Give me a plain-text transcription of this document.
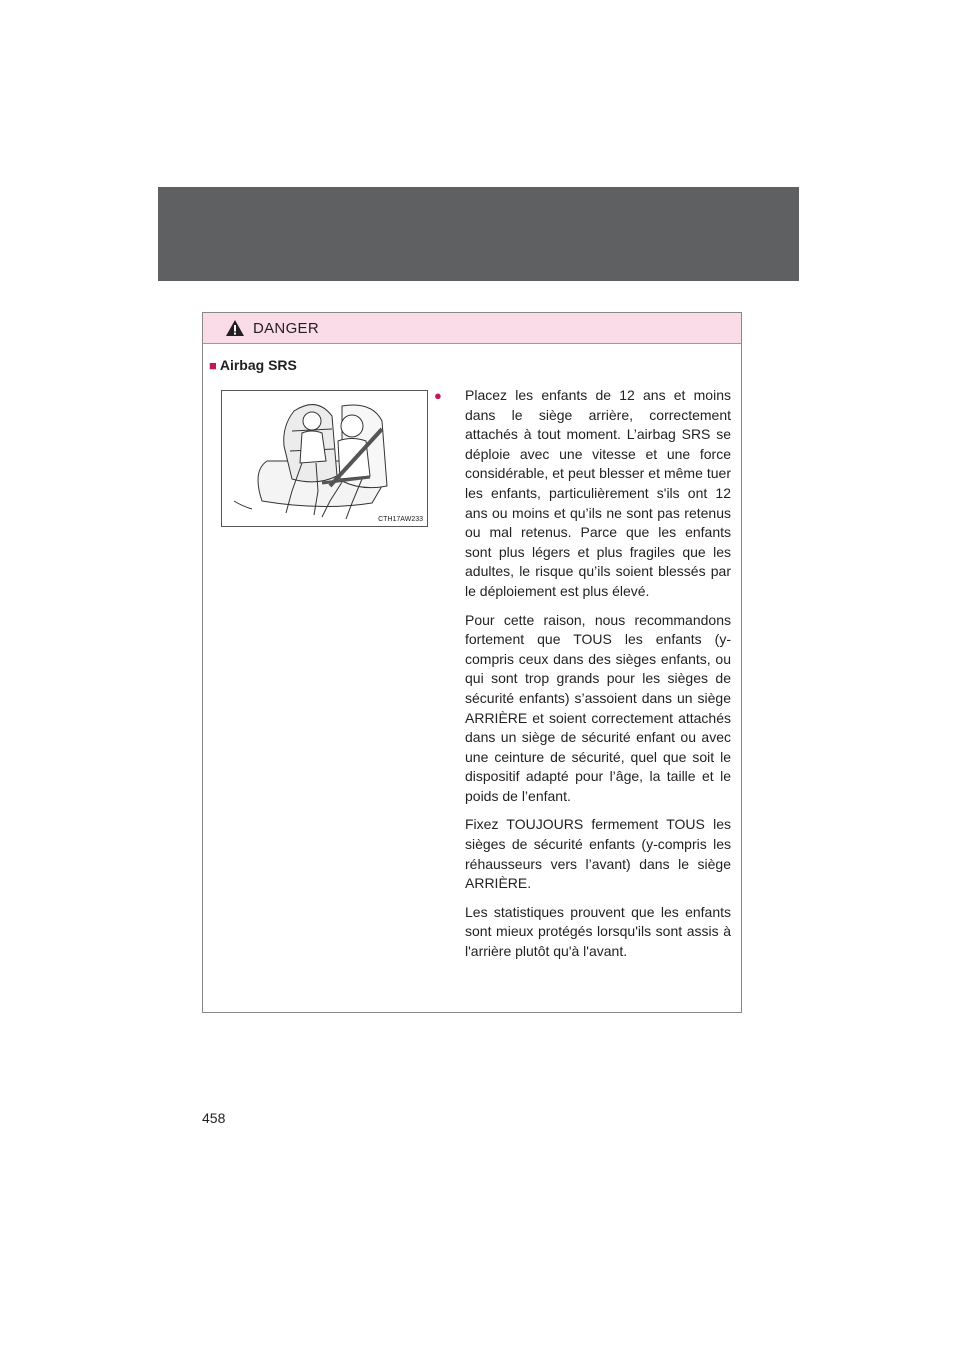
DANGER
■ Airbag SRS
CTH17AW233
●	Placez les enfants de 12 ans et moins dans le siège arrière, correctement attachés à tout moment. L’airbag SRS se déploie avec une vitesse et une force considérable, et peut blesser et même tuer les enfants, particulièrement s'ils ont 12 ans ou moins et qu’ils ne sont pas retenus ou mal retenus. Parce que les enfants sont plus légers et plus fragiles que les adultes, le risque qu’ils soient blessés par le déploiement est plus élevé.

Pour cette raison, nous recommandons fortement que TOUS les enfants (y-compris ceux dans des sièges enfants, ou qui sont trop grands pour les sièges de sécurité enfants) s’assoient dans un siège ARRIÈRE et soient correctement attachés dans un siège de sécurité enfant ou avec une ceinture de sécurité, quel que soit le dispositif adapté pour l’âge, la taille et le poids de l’enfant.

Fixez TOUJOURS fermement TOUS les sièges de sécurité enfants (y-compris les réhausseurs vers l’avant) dans le siège ARRIÈRE.

Les statistiques prouvent que les enfants sont mieux protégés lorsqu'ils sont assis à l'arrière plutôt qu'à l'avant.

458
